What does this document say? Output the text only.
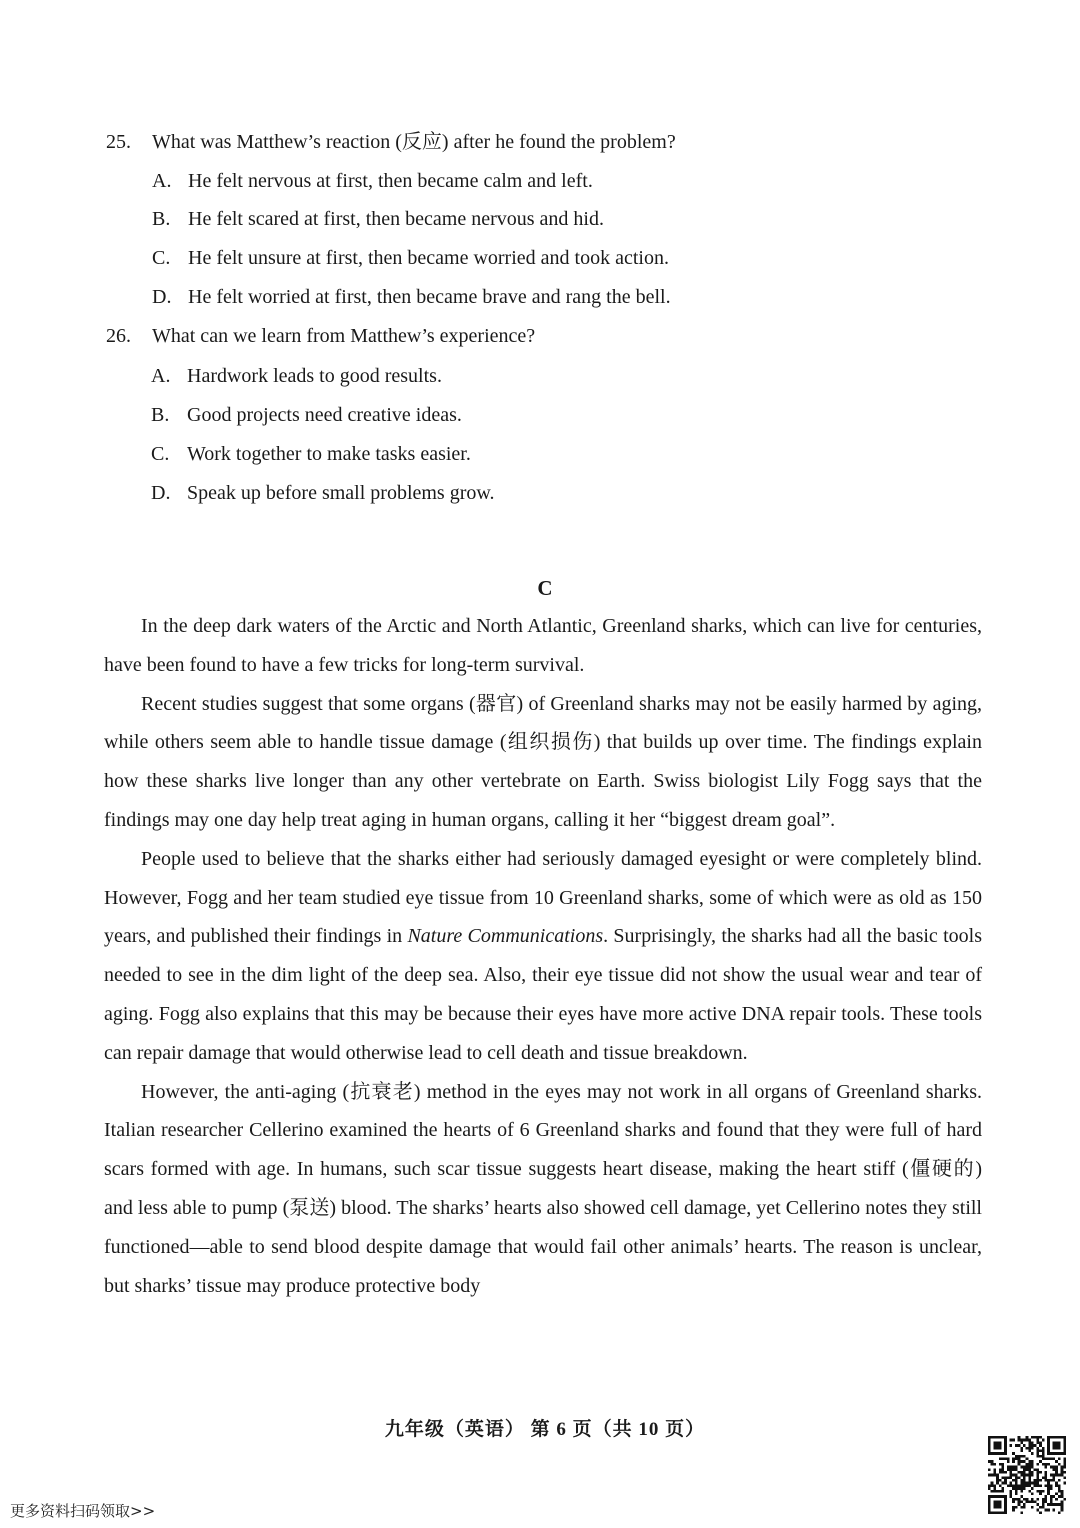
25. What was Matthew’s reaction (反应) after he found the problem?
A. He felt nervous at first, then became calm and left.
B. He felt scared at first, then became nervous and hid.
C. He felt unsure at first, then became worried and took action.
D. He felt worried at first, then became brave and rang the bell.
26. What can we learn from Matthew’s experience?
A. Hardwork leads to good results.
B. Good projects need creative ideas.
C. Work together to make tasks easier.
D. Speak up before small problems grow.
C

In the deep dark waters of the Arctic and North Atlantic, Greenland sharks, which can live for centuries, have been found to have a few tricks for long-term survival.

Recent studies suggest that some organs (器官) of Greenland sharks may not be easily harmed by aging, while others seem able to handle tissue damage (组织损伤) that builds up over time. The findings explain how these sharks live longer than any other vertebrate on Earth. Swiss biologist Lily Fogg says that the findings may one day help treat aging in human organs, calling it her “biggest dream goal”.

People used to believe that the sharks either had seriously damaged eyesight or were completely blind. However, Fogg and her team studied eye tissue from 10 Greenland sharks, some of which were as old as 150 years, and published their findings in Nature Communications. Surprisingly, the sharks had all the basic tools needed to see in the dim light of the deep sea. Also, their eye tissue did not show the usual wear and tear of aging. Fogg also explains that this may be because their eyes have more active DNA repair tools. These tools can repair damage that would otherwise lead to cell death and tissue breakdown.

However, the anti-aging (抗衰老) method in the eyes may not work in all organs of Greenland sharks. Italian researcher Cellerino examined the hearts of 6 Greenland sharks and found that they were full of hard scars formed with age. In humans, such scar tissue suggests heart disease, making the heart stiff (僵硬的) and less able to pump (泵送) blood. The sharks’ hearts also showed cell damage, yet Cellerino notes they still functioned—able to send blood despite damage that would fail other animals’ hearts. The reason is unclear, but sharks’ tissue may produce protective body

九年级（英语） 第 6 页（共 10 页）
更多资料扫码领取>>
